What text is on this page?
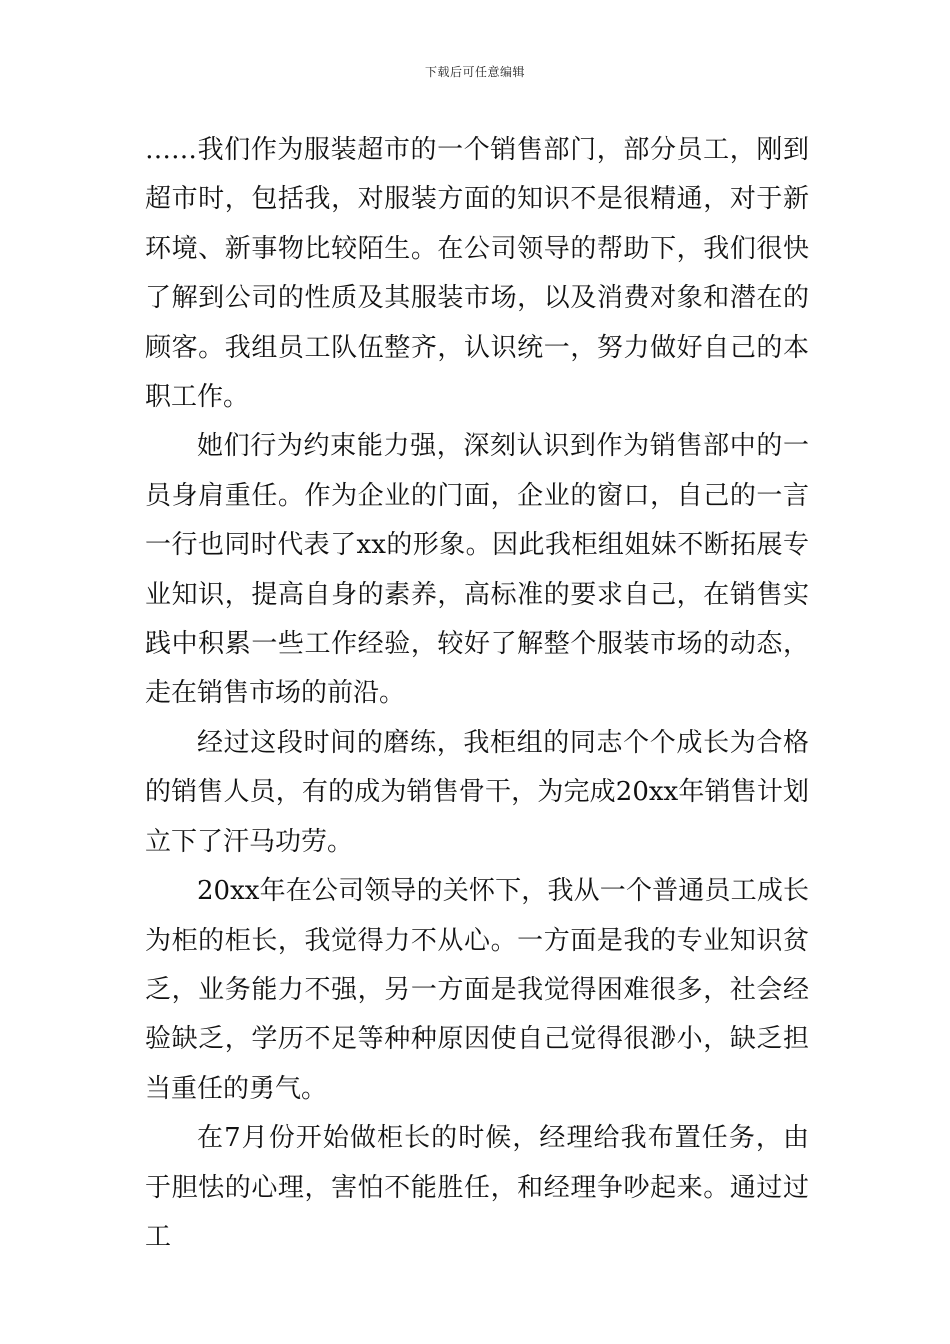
下载后可任意编辑

……我们作为服装超市的一个销售部门，部分员工，刚到超市时，包括我，对服装方面的知识不是很精通，对于新环境、新事物比较陌生。在公司领导的帮助下，我们很快了解到公司的性质及其服装市场，以及消费对象和潜在的顾客。我组员工队伍整齐，认识统一，努力做好自己的本职工作。

她们行为约束能力强，深刻认识到作为销售部中的一员身肩重任。作为企业的门面，企业的窗口，自己的一言一行也同时代表了xx的形象。因此我柜组姐妹不断拓展专业知识，提高自身的素养，高标准的要求自己，在销售实践中积累一些工作经验，较好了解整个服装市场的动态，走在销售市场的前沿。

经过这段时间的磨练，我柜组的同志个个成长为合格的销售人员，有的成为销售骨干，为完成20xx年销售计划立下了汗马功劳。

20xx年在公司领导的关怀下，我从一个普通员工成长为柜的柜长，我觉得力不从心。一方面是我的专业知识贫乏，业务能力不强，另一方面是我觉得困难很多，社会经验缺乏，学历不足等种种原因使自己觉得很渺小，缺乏担当重任的勇气。

在7月份开始做柜长的时候，经理给我布置任务，由于胆怯的心理，害怕不能胜任，和经理争吵起来。通过过工
